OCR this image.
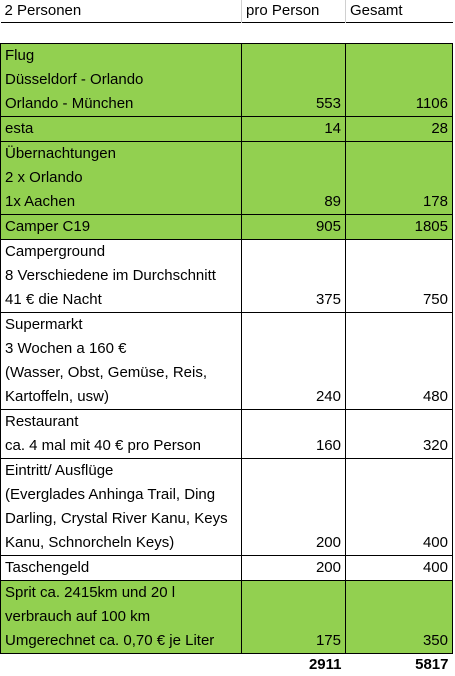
2 Personen	pro Person	Gesamt

Flug
Düsseldorf - Orlando
Orlando - München	553	1106

esta	14	28

Übernachtungen
2 x Orlando
1x Aachen	89	178

Camper C19	905	1805

Camperground
8 Verschiedene im Durchschnitt
41 € die Nacht	375	750

Supermarkt
3 Wochen a 160 €
(Wasser, Obst, Gemüse, Reis,
Kartoffeln, usw)	240	480

Restaurant
ca. 4 mal mit 40 € pro Person	160	320

Eintritt/ Ausflüge
(Everglades Anhinga Trail, Ding
Darling, Crystal River Kanu, Keys
Kanu, Schnorcheln Keys)	200	400

Taschengeld	200	400

Sprit ca. 2415km und 20 l
verbrauch auf 100 km
Umgerechnet ca. 0,70 € je Liter	175	350
	2911	5817
